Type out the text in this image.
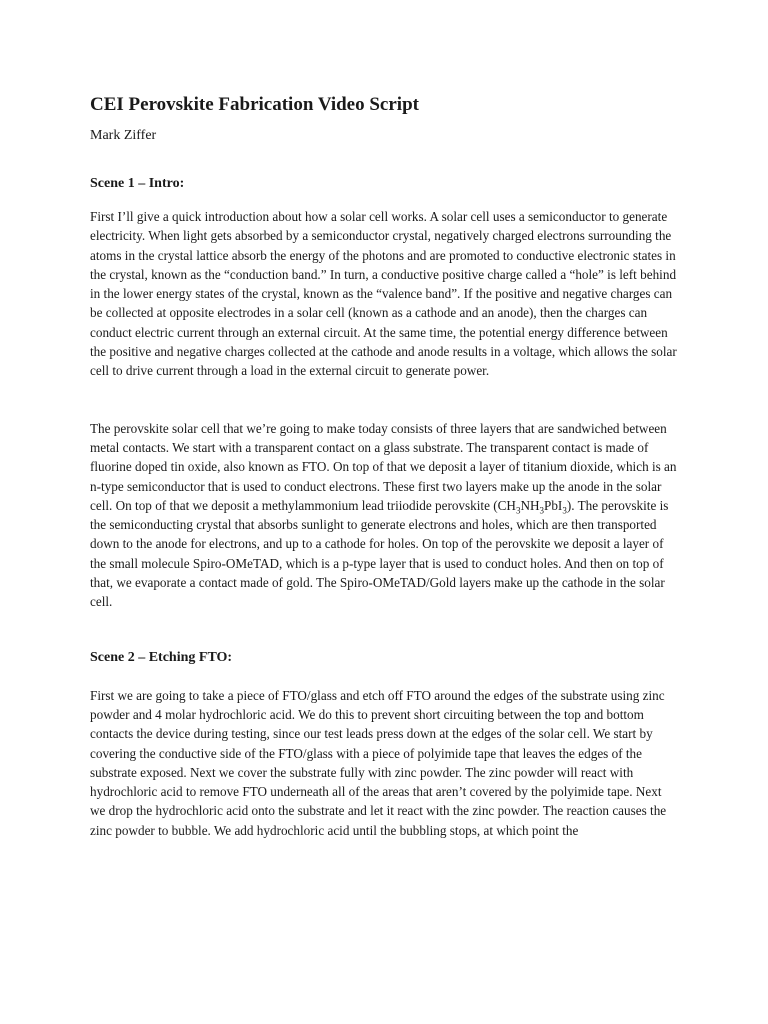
CEI Perovskite Fabrication Video Script

Mark Ziffer

Scene 1 – Intro:

First I’ll give a quick introduction about how a solar cell works. A solar cell uses a semiconductor to generate electricity. When light gets absorbed by a semiconductor crystal, negatively charged electrons surrounding the atoms in the crystal lattice absorb the energy of the photons and are promoted to conductive electronic states in the crystal, known as the “conduction band.” In turn, a conductive positive charge called a “hole” is left behind in the lower energy states of the crystal, known as the “valence band”. If the positive and negative charges can be collected at opposite electrodes in a solar cell (known as a cathode and an anode), then the charges can conduct electric current through an external circuit. At the same time, the potential energy difference between the positive and negative charges collected at the cathode and anode results in a voltage, which allows the solar cell to drive current through a load in the external circuit to generate power.

The perovskite solar cell that we’re going to make today consists of three layers that are sandwiched between metal contacts. We start with a transparent contact on a glass substrate. The transparent contact is made of fluorine doped tin oxide, also known as FTO. On top of that we deposit a layer of titanium dioxide, which is an n-type semiconductor that is used to conduct electrons. These first two layers make up the anode in the solar cell. On top of that we deposit a methylammonium lead triiodide perovskite $(CH_3NH_3PbI_3)$. The perovskite is the semiconducting crystal that absorbs sunlight to generate electrons and holes, which are then transported down to the anode for electrons, and up to a cathode for holes. On top of the perovskite we deposit a layer of the small molecule Spiro-OMeTAD, which is a p-type layer that is used to conduct holes. And then on top of that, we evaporate a contact made of gold. The Spiro-OMeTAD/Gold layers make up the cathode in the solar cell.

Scene 2 – Etching FTO:

First we are going to take a piece of FTO/glass and etch off FTO around the edges of the substrate using zinc powder and 4 molar hydrochloric acid. We do this to prevent short circuiting between the top and bottom contacts the device during testing, since our test leads press down at the edges of the solar cell. We start by covering the conductive side of the FTO/glass with a piece of polyimide tape that leaves the edges of the substrate exposed. Next we cover the substrate fully with zinc powder. The zinc powder will react with hydrochloric acid to remove FTO underneath all of the areas that aren’t covered by the polyimide tape. Next we drop the hydrochloric acid onto the substrate and let it react with the zinc powder. The reaction causes the zinc powder to bubble. We add hydrochloric acid until the bubbling stops, at which point the
